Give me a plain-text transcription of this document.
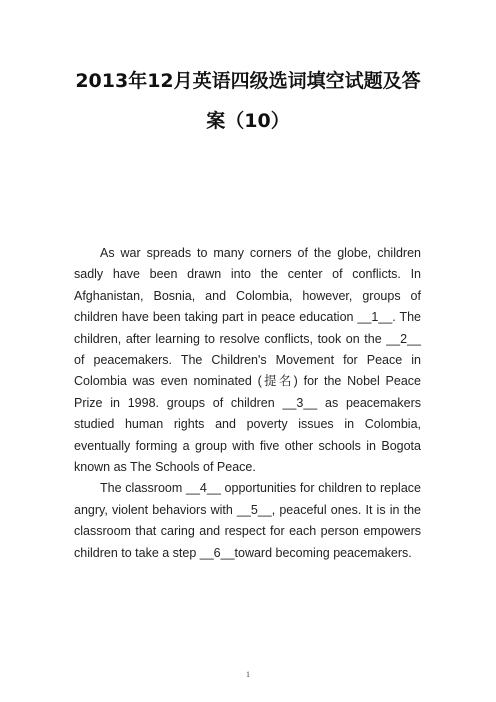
2013年12月英语四级选词填空试题及答
案（10）

As war spreads to many corners of the globe, children sadly have been drawn into the center of conflicts. In Afghanistan, Bosnia, and Colombia, however, groups of children have been taking part in peace education __1__. The children, after learning to resolve conflicts, took on the __2__ of peacemakers. The Children's Movement for Peace in Colombia was even nominated (提名) for the Nobel Peace Prize in 1998. groups of children __3__ as peacemakers studied human rights and poverty issues in Colombia, eventually forming a group with five other schools in Bogota known as The Schools of Peace.

The classroom __4__ opportunities for children to replace angry, violent behaviors with __5__, peaceful ones. It is in the classroom that caring and respect for each person empowers children to take a step __6__toward becoming peacemakers.

1
